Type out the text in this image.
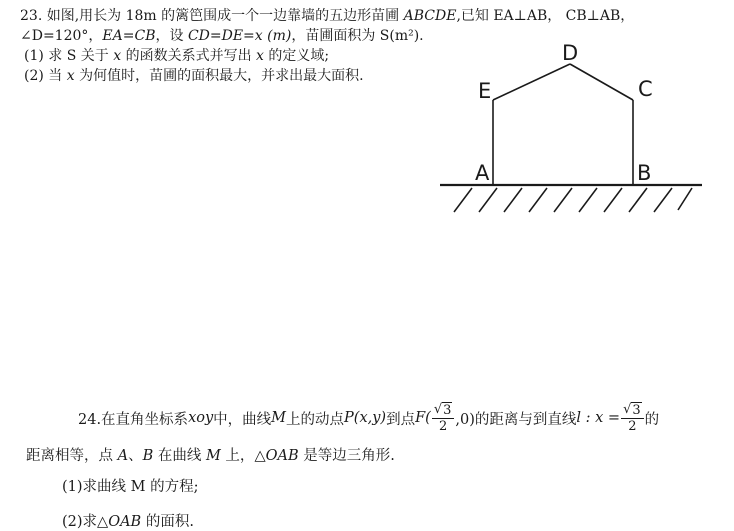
23. 如图,用长为 18m 的篱笆围成一个一边靠墙的五边形苗圃 ABCDE,已知 EA⊥AB， CB⊥AB，
∠D=120°，EA=CB，设 CD=DE=x (m)，苗圃面积为 S(m²).
(1) 求 S 关于 x 的函数关系式并写出 x 的定义域;
(2) 当 x 为何值时，苗圃的面积最大，并求出最大面积.
D
E	C
A	B
24.在直角坐标系 xoy 中，曲线 M 上的动点 P(x,y) 到点 $F( \frac{√ 3}{2} ,0)$的距离与到直线 l : $x = \frac{√ 3}{2}$ 的
距离相等，点 A、B 在曲线 M 上，△OAB 是等边三角形.
(1)求曲线 M 的方程;
(2)求△OAB 的面积.
